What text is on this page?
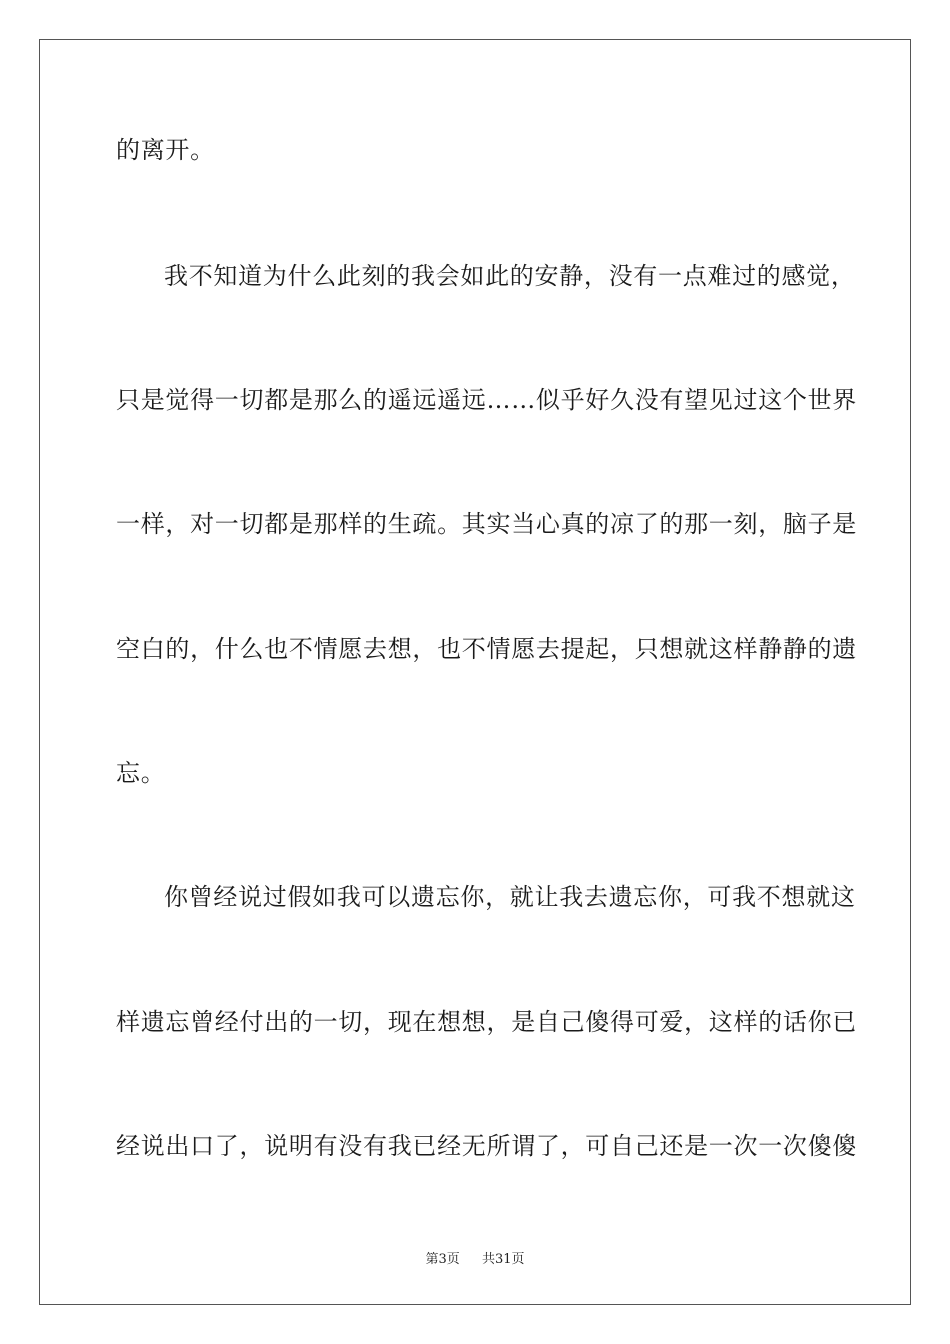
的离开。
我不知道为什么此刻的我会如此的安静，没有一点难过的感觉，
只是觉得一切都是那么的遥远遥远……似乎好久没有望见过这个世界
一样，对一切都是那样的生疏。其实当心真的凉了的那一刻，脑子是
空白的，什么也不情愿去想，也不情愿去提起，只想就这样静静的遗
忘。
你曾经说过假如我可以遗忘你，就让我去遗忘你，可我不想就这
样遗忘曾经付出的一切，现在想想，是自己傻得可爱，这样的话你已
经说出口了，说明有没有我已经无所谓了，可自己还是一次一次傻傻
第3页 共31页
